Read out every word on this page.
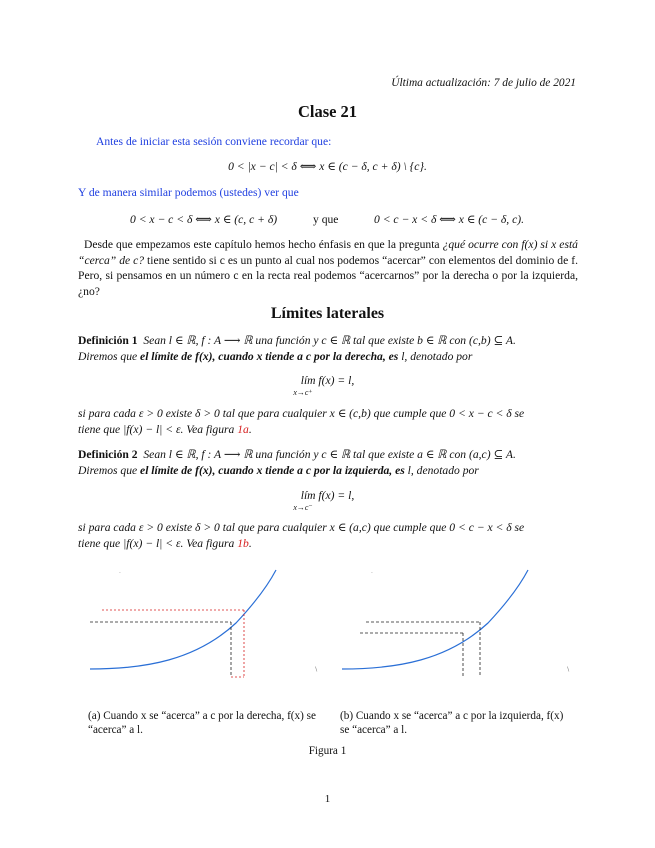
Última actualización: 7 de julio de 2021
Clase 21
Antes de iniciar esta sesión conviene recordar que:
0 < |x − c| < δ ⟺ x ∈ (c − δ, c + δ) \ {c}.
Y de manera similar podemos (ustedes) ver que
0 < x − c < δ ⟺ x ∈ (c, c + δ)	y que	0 < c − x < δ ⟺ x ∈ (c − δ, c).
Desde que empezamos este capítulo hemos hecho énfasis en que la pregunta ¿qué ocurre con f(x) si x está “cerca” de c? tiene sentido si c es un punto al cual nos podemos “acercar” con elementos del dominio de f. Pero, si pensamos en un número c en la recta real podemos “acercarnos” por la derecha o por la izquierda, ¿no?
Límites laterales
Definición 1 Sean l ∈ ℝ, f : A ⟶ ℝ una función y c ∈ ℝ tal que existe b ∈ ℝ con (c,b) ⊆ A.
Diremos que el límite de f(x), cuando x tiende a c por la derecha, es l, denotado por
lím f(x) = l,
x→c⁺
si para cada ε > 0 existe δ > 0 tal que para cualquier x ∈ (c,b) que cumple que 0 < x − c < δ se
tiene que |f(x) − l| < ε. Vea figura 1a.
Definición 2 Sean l ∈ ℝ, f : A ⟶ ℝ una función y c ∈ ℝ tal que existe a ∈ ℝ con (a,c) ⊆ A.
Diremos que el límite de f(x), cuando x tiende a c por la izquierda, es l, denotado por
lím f(x) = l,
x→c⁻
si para cada ε > 0 existe δ > 0 tal que para cualquier x ∈ (a,c) que cumple que 0 < c − x < δ se
tiene que |f(x) − l| < ε. Vea figura 1b.
·
∖
·
∖
(a) Cuando x se “acerca” a c por la derecha, f(x) se “acerca” a l.
(b) Cuando x se “acerca” a c por la izquierda, f(x) se “acerca” a l.
Figura 1
1
